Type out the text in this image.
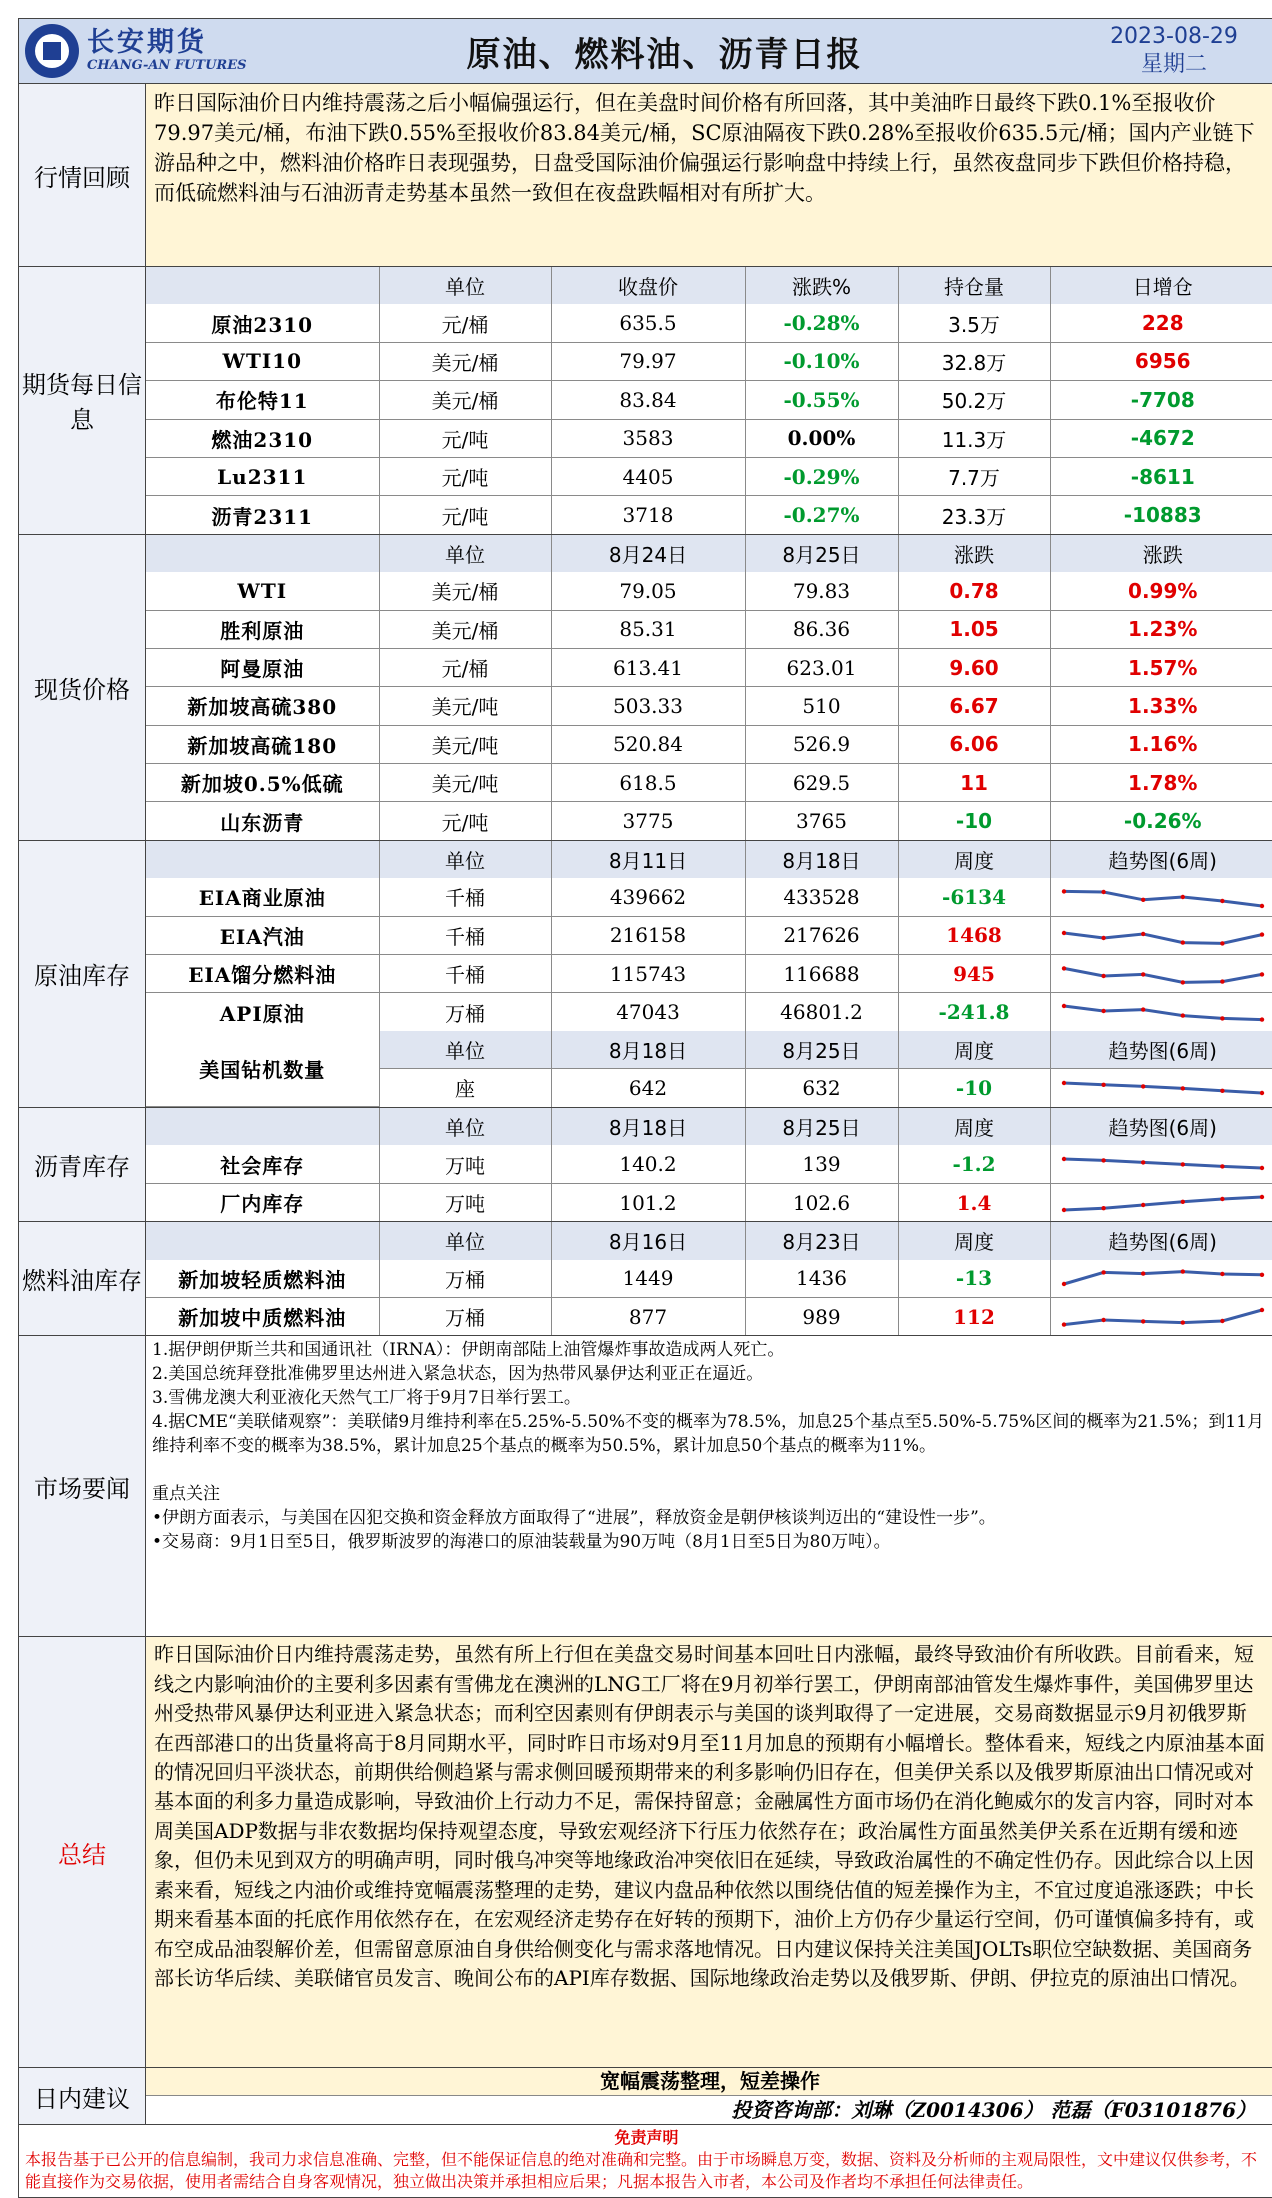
长安期货
CHANG-AN FUTURES	原油、燃料油、沥青日报	2023-08-29
星期二

行情回顾	
昨日国际油价日内维持震荡之后小幅偏强运行，但在美盘时间价格有所回落，其中美油昨日最终下跌0.1%至报收价79.97美元/桶，布油下跌0.55%至报收价83.84美元/桶，SC原油隔夜下跌0.28%至报收价635.5元/桶；国内产业链下游品种之中，燃料油价格昨日表现强势，日盘受国际油价偏强运行影响盘中持续上行，虽然夜盘同步下跌但价格持稳，而低硫燃料油与石油沥青走势基本虽然一致但在夜盘跌幅相对有所扩大。

期货每日信息	
	单位	收盘价	涨跌%	持仓量	日增仓
原油2310	元/桶	635.5	-0.28%	3.5万	228
WTI10	美元/桶	79.97	-0.10%	32.8万	6956
布伦特11	美元/桶	83.84	-0.55%	50.2万	-7708
燃油2310	元/吨	3583	0.00%	11.3万	-4672
Lu2311	元/吨	4405	-0.29%	7.7万	-8611
沥青2311	元/吨	3718	-0.27%	23.3万	-10883

现货价格	
	单位	8月24日	8月25日	涨跌	涨跌
WTI	美元/桶	79.05	79.83	0.78	0.99%
胜利原油	美元/桶	85.31	86.36	1.05	1.23%
阿曼原油	元/桶	613.41	623.01	9.60	1.57%
新加坡高硫380	美元/吨	503.33	510	6.67	1.33%
新加坡高硫180	美元/吨	520.84	526.9	6.06	1.16%
新加坡0.5%低硫	美元/吨	618.5	629.5	11	1.78%
山东沥青	元/吨	3775	3765	-10	-0.26%

原油库存	
	单位	8月11日	8月18日	周度	趋势图(6周)
EIA商业原油	千桶	439662	433528	-6134	

EIA汽油	千桶	216158	217626	1468	

EIA馏分燃料油	千桶	115743	116688	945	

API原油	万桶	47043	46801.2	-241.8	

美国钻机数量	单位	8月18日	8月25日	周度	趋势图(6周)
座	642	632	-10	

沥青库存	
	单位	8月18日	8月25日	周度	趋势图(6周)
社会库存	万吨	140.2	139	-1.2	

厂内库存	万吨	101.2	102.6	1.4	

燃料油库存	
	单位	8月16日	8月23日	周度	趋势图(6周)
新加坡轻质燃料油	万桶	1449	1436	-13	

新加坡中质燃料油	万桶	877	989	112	

市场要闻	
1.据伊朗伊斯兰共和国通讯社（IRNA）：伊朗南部陆上油管爆炸事故造成两人死亡。
2.美国总统拜登批准佛罗里达州进入紧急状态，因为热带风暴伊达利亚正在逼近。
3.雪佛龙澳大利亚液化天然气工厂将于9月7日举行罢工。
4.据CME“美联储观察”：美联储9月维持利率在5.25%-5.50%不变的概率为78.5%，加息25个基点至5.50%-5.75%区间的概率为21.5%；到11月维持利率不变的概率为38.5%，累计加息25个基点的概率为50.5%，累计加息50个基点的概率为11%。
重点关注
•伊朗方面表示，与美国在囚犯交换和资金释放方面取得了“进展”，释放资金是朝伊核谈判迈出的“建设性一步”。
•交易商：9月1日至5日，俄罗斯波罗的海港口的原油装载量为90万吨（8月1日至5日为80万吨）。

总结	
昨日国际油价日内维持震荡走势，虽然有所上行但在美盘交易时间基本回吐日内涨幅，最终导致油价有所收跌。目前看来，短线之内影响油价的主要利多因素有雪佛龙在澳洲的LNG工厂将在9月初举行罢工，伊朗南部油管发生爆炸事件，美国佛罗里达州受热带风暴伊达利亚进入紧急状态；而利空因素则有伊朗表示与美国的谈判取得了一定进展，交易商数据显示9月初俄罗斯在西部港口的出货量将高于8月同期水平，同时昨日市场对9月至11月加息的预期有小幅增长。整体看来，短线之内原油基本面的情况回归平淡状态，前期供给侧趋紧与需求侧回暖预期带来的利多影响仍旧存在，但美伊关系以及俄罗斯原油出口情况或对基本面的利多力量造成影响，导致油价上行动力不足，需保持留意；金融属性方面市场仍在消化鲍威尔的发言内容，同时对本周美国ADP数据与非农数据均保持观望态度，导致宏观经济下行压力依然存在；政治属性方面虽然美伊关系在近期有缓和迹象，但仍未见到双方的明确声明，同时俄乌冲突等地缘政治冲突依旧在延续，导致政治属性的不确定性仍存。因此综合以上因素来看，短线之内油价或维持宽幅震荡整理的走势，建议内盘品种依然以围绕估值的短差操作为主，不宜过度追涨逐跌；中长期来看基本面的托底作用依然存在，在宏观经济走势存在好转的预期下，油价上方仍存少量运行空间，仍可谨慎偏多持有，或布空成品油裂解价差，但需留意原油自身供给侧变化与需求落地情况。日内建议保持关注美国JOLTs职位空缺数据、美国商务部长访华后续、美联储官员发言、晚间公布的API库存数据、国际地缘政治走势以及俄罗斯、伊朗、伊拉克的原油出口情况。

日内建议	
宽幅震荡整理，短差操作
投资咨询部：刘琳（Z0014306） 范磊（F03101876）

免责声明
本报告基于已公开的信息编制，我司力求信息准确、完整，但不能保证信息的绝对准确和完整。由于市场瞬息万变，数据、资料及分析师的主观局限性，文中建议仅供参考，不能直接作为交易依据，使用者需结合自身客观情况，独立做出决策并承担相应后果；凡据本报告入市者，本公司及作者均不承担任何法律责任。
